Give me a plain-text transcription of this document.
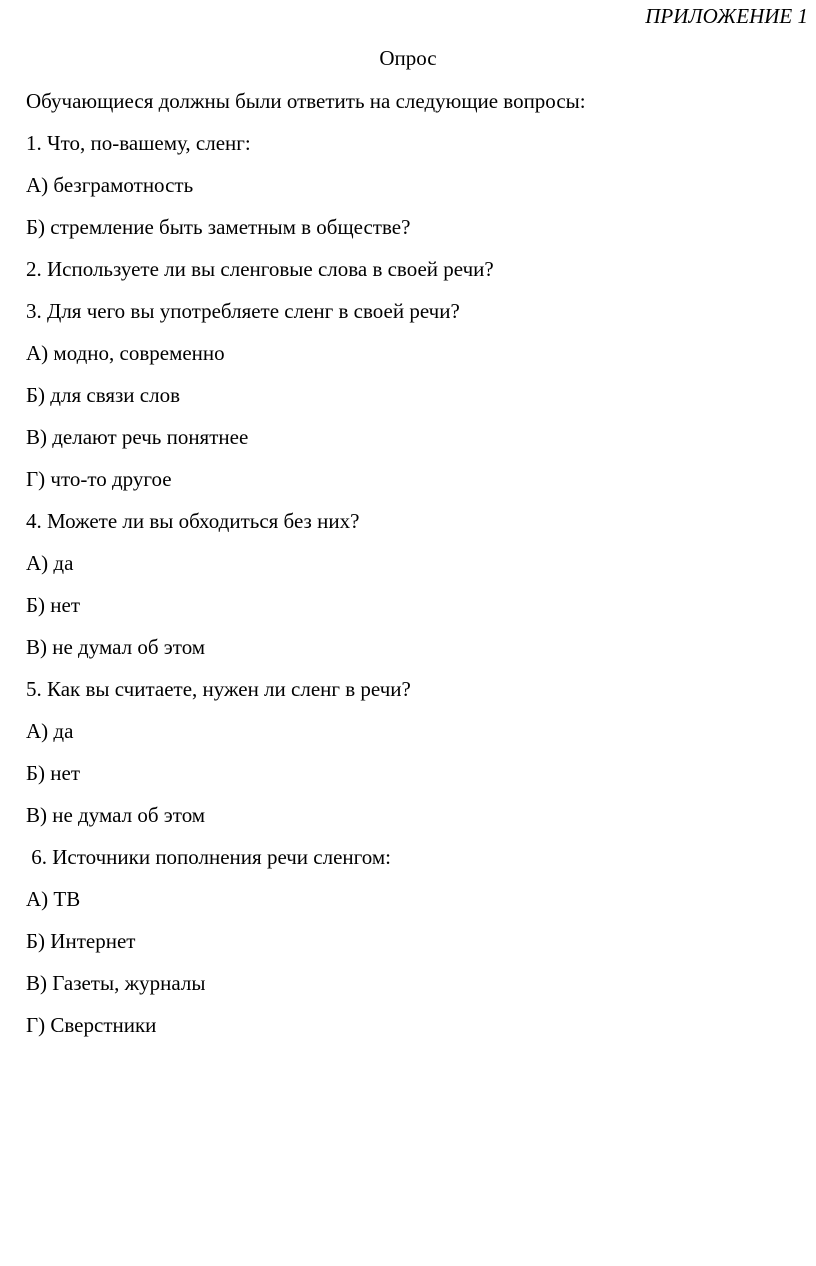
ПРИЛОЖЕНИЕ 1
Опрос
Обучающиеся должны были ответить на следующие вопросы:
1. Что, по-вашему, сленг:
А) безграмотность
Б) стремление быть заметным в обществе?
2. Используете ли вы сленговые слова в своей речи?
3. Для чего вы употребляете сленг в своей речи?
А) модно, современно
Б) для связи слов
В) делают речь понятнее
Г) что-то другое
4. Можете ли вы обходиться без них?
А) да
Б) нет
В) не думал об этом
5. Как вы считаете, нужен ли сленг в речи?
А) да
Б) нет
В) не думал об этом
6. Источники пополнения речи сленгом:
А) ТВ
Б) Интернет
В) Газеты, журналы
Г) Сверстники
